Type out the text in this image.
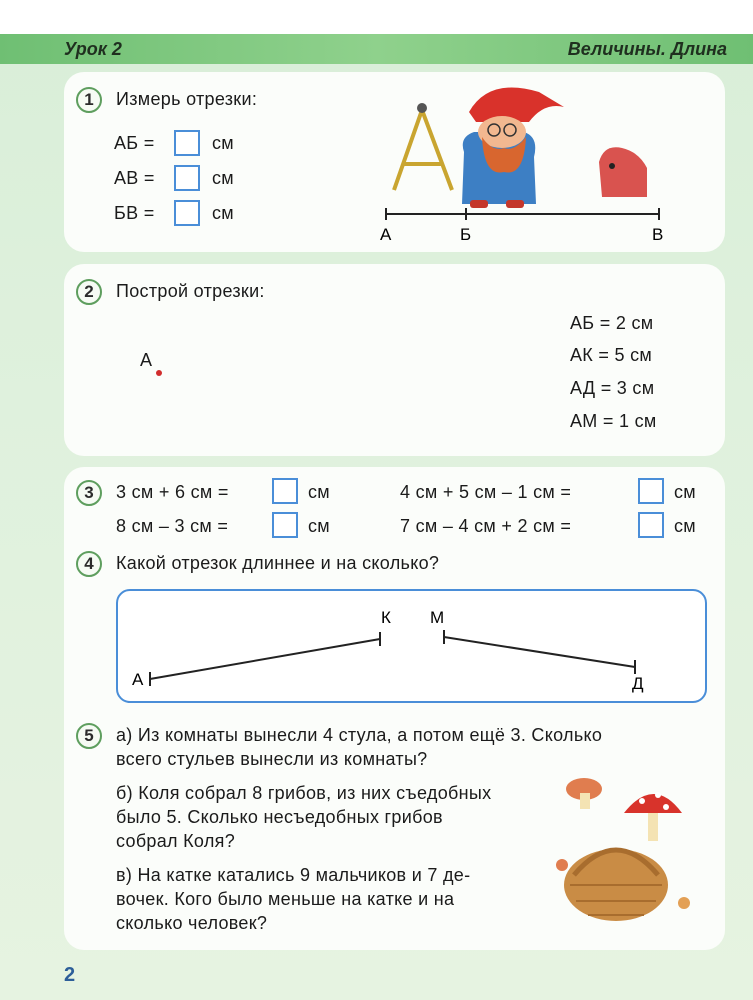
Урок 2	Величины. Длина
1	Измерь отрезки:
АБ =	см
АВ =	см
БВ =	см
А	Б	В
2	Построй отрезки:
А
АБ = 2 см
АК = 5 см
АД = 3 см
АМ = 1 см
3	3 см + 6 см =	см	4 см + 5 см – 1 см =	см
8 см – 3 см =	см	7 см – 4 см + 2 см =	см
4	Какой отрезок длиннее и на сколько?
А
К М
Д
5	а) Из комнаты вынесли 4 стула, а потом ещё 3. Сколько
всего стульев вынесли из комнаты?
б) Коля собрал 8 грибов, из них съедобных
было 5. Сколько несъедобных грибов
собрал Коля?
в) На катке катались 9 мальчиков и 7 де-
вочек. Кого было меньше на катке и на
сколько человек?
2
